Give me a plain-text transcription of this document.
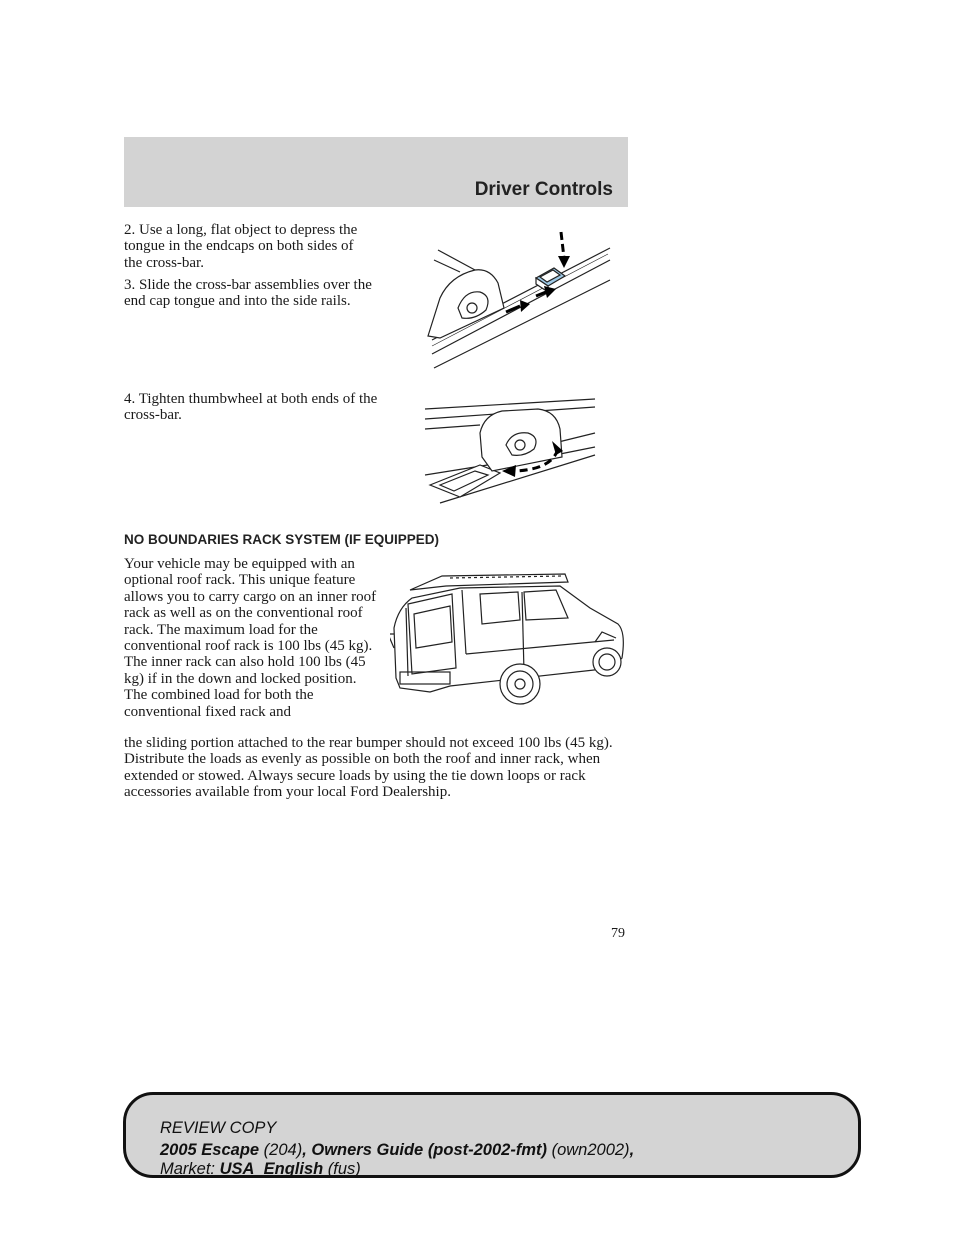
Driver Controls

2. Use a long, flat object to depress the tongue in the endcaps on both sides of the cross-bar.

3. Slide the cross-bar assemblies over the end cap tongue and into the side rails.

4. Tighten thumbwheel at both ends of the cross-bar.

NO BOUNDARIES RACK SYSTEM (IF EQUIPPED)

Your vehicle may be equipped with an optional roof rack. This unique feature allows you to carry cargo on an inner roof rack as well as on the conventional roof rack. The maximum load for the conventional roof rack is 100 lbs (45 kg). The inner rack can also hold 100 lbs (45 kg) if in the down and locked position. The combined load for both the conventional fixed rack and

the sliding portion attached to the rear bumper should not exceed 100 lbs (45 kg). Distribute the loads as evenly as possible on both the roof and inner rack, when extended or stowed. Always secure loads by using the tie down loops or rack accessories available from your local Ford Dealership.

79
REVIEW COPY
2005 Escape (204), Owners Guide (post-2002-fmt) (own2002),
Market: USA_English (fus)
